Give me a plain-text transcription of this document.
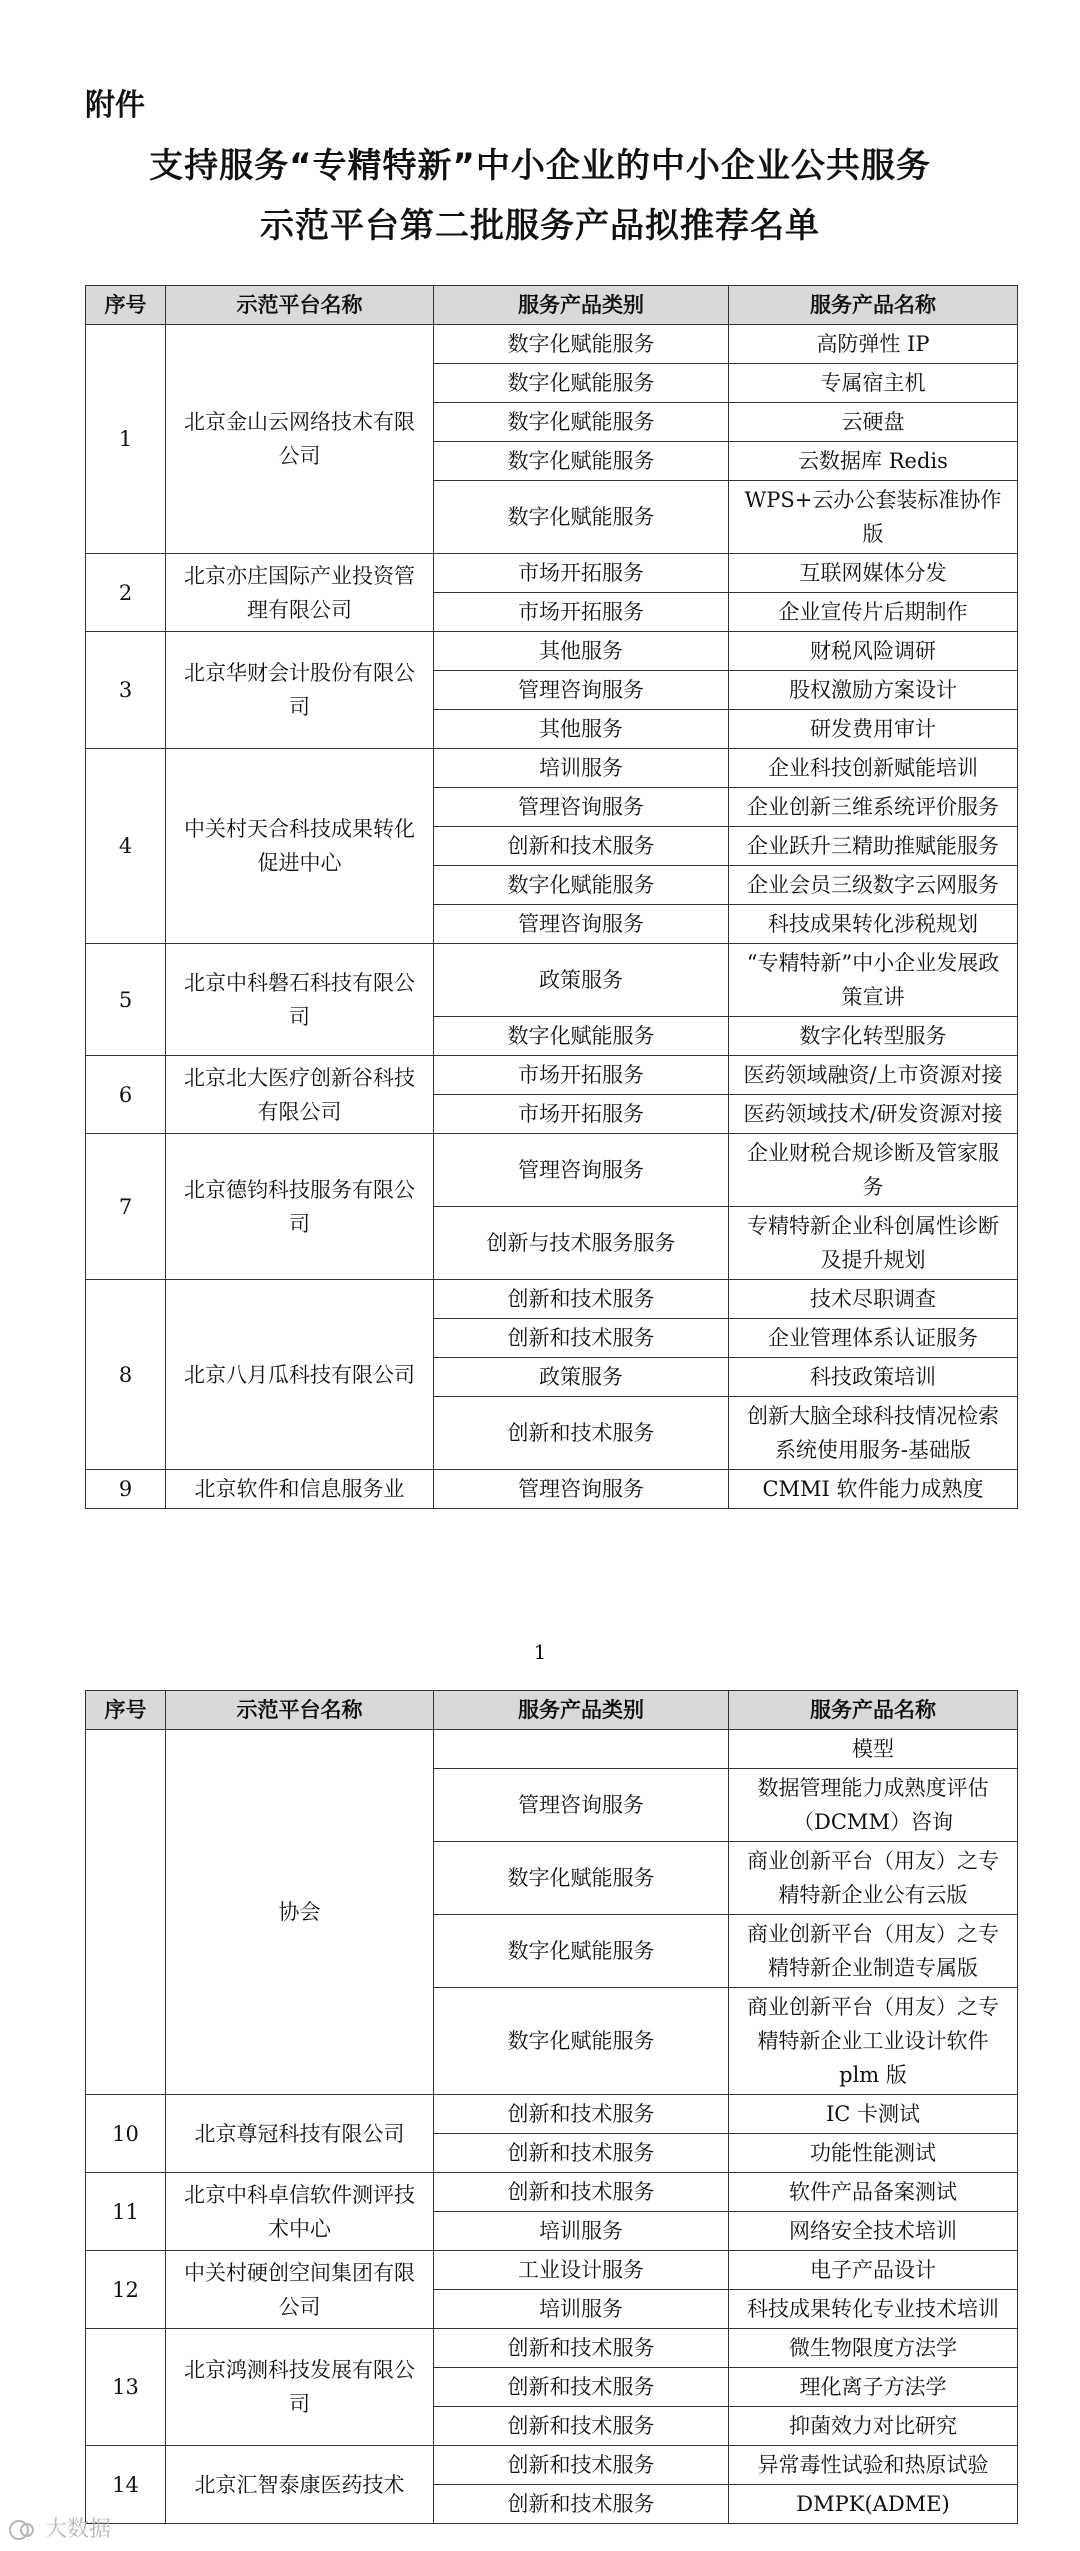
附件
支持服务“专精特新”中小企业的中小企业公共服务
示范平台第二批服务产品拟推荐名单
序号	示范平台名称	服务产品类别	服务产品名称
1	北京金山云网络技术有限公司	数字化赋能服务	高防弹性 IP
		数字化赋能服务	专属宿主机
		数字化赋能服务	云硬盘
		数字化赋能服务	云数据库 Redis
		数字化赋能服务	WPS+云办公套装标准协作版
2	北京亦庄国际产业投资管理有限公司	市场开拓服务	互联网媒体分发
		市场开拓服务	企业宣传片后期制作
3	北京华财会计股份有限公司	其他服务	财税风险调研
		管理咨询服务	股权激励方案设计
		其他服务	研发费用审计
4	中关村天合科技成果转化促进中心	培训服务	企业科技创新赋能培训
		管理咨询服务	企业创新三维系统评价服务
		创新和技术服务	企业跃升三精助推赋能服务
		数字化赋能服务	企业会员三级数字云网服务
		管理咨询服务	科技成果转化涉税规划
5	北京中科磐石科技有限公司	政策服务	“专精特新”中小企业发展政策宣讲
		数字化赋能服务	数字化转型服务
6	北京北大医疗创新谷科技有限公司	市场开拓服务	医药领域融资/上市资源对接
		市场开拓服务	医药领域技术/研发资源对接
7	北京德钧科技服务有限公司	管理咨询服务	企业财税合规诊断及管家服务
		创新与技术服务服务	专精特新企业科创属性诊断及提升规划
8	北京八月瓜科技有限公司	创新和技术服务	技术尽职调查
		创新和技术服务	企业管理体系认证服务
		政策服务	科技政策培训
		创新和技术服务	创新大脑全球科技情况检索系统使用服务-基础版
9	北京软件和信息服务业	管理咨询服务	CMMI 软件能力成熟度
1
序号	示范平台名称	服务产品类别	服务产品名称
	协会		模型
		管理咨询服务	数据管理能力成熟度评估（DCMM）咨询
		数字化赋能服务	商业创新平台（用友）之专精特新企业公有云版
		数字化赋能服务	商业创新平台（用友）之专精特新企业制造专属版
		数字化赋能服务	商业创新平台（用友）之专精特新企业工业设计软件 plm 版
10	北京尊冠科技有限公司	创新和技术服务	IC 卡测试
		创新和技术服务	功能性能测试
11	北京中科卓信软件测评技术中心	创新和技术服务	软件产品备案测试
		培训服务	网络安全技术培训
12	中关村硬创空间集团有限公司	工业设计服务	电子产品设计
		培训服务	科技成果转化专业技术培训
13	北京鸿测科技发展有限公司	创新和技术服务	微生物限度方法学
		创新和技术服务	理化离子方法学
		创新和技术服务	抑菌效力对比研究
14	北京汇智泰康医药技术	创新和技术服务	异常毒性试验和热原试验
		创新和技术服务	DMPK(ADME)
大数据
